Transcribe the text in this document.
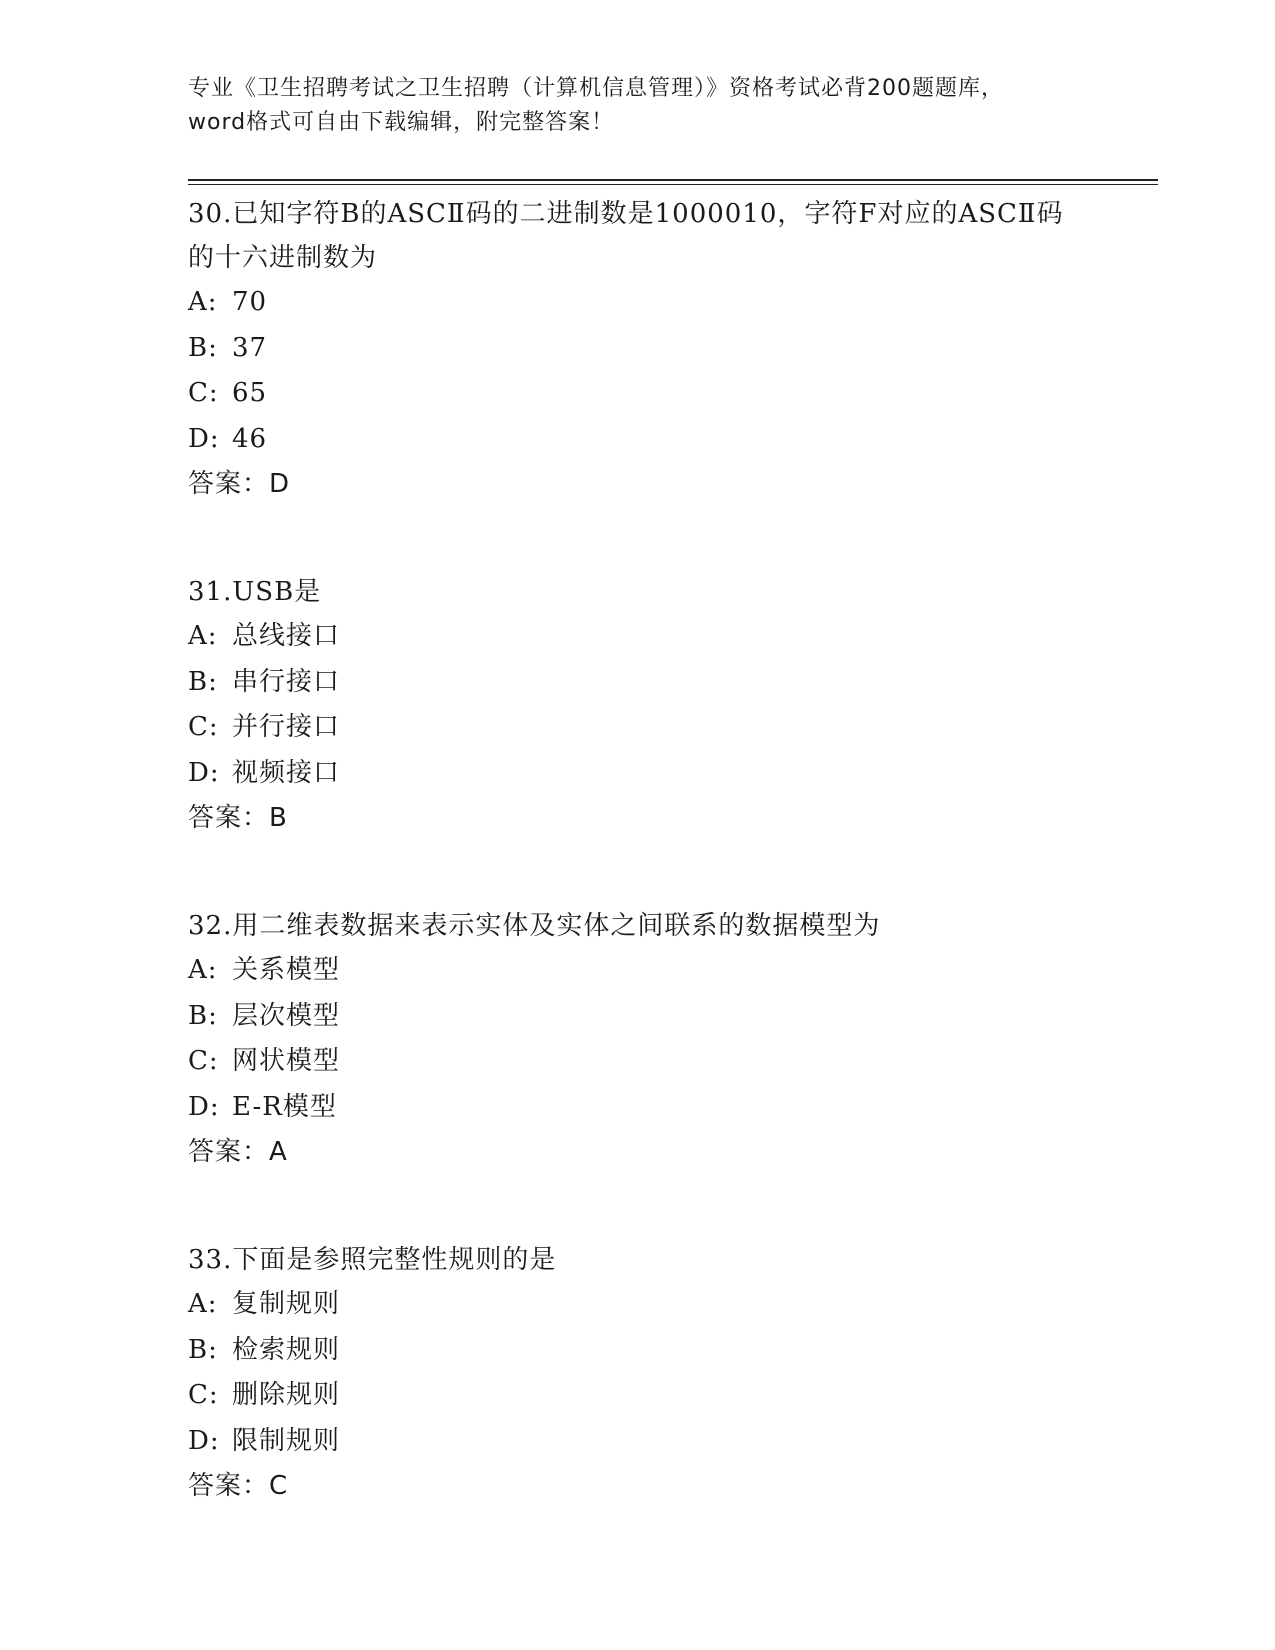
专业《卫生招聘考试之卫生招聘（计算机信息管理）》资格考试必背200题题库，
word格式可自由下载编辑，附完整答案！

30.已知字符B的ASCⅡ码的二进制数是1000010，字符F对应的ASCⅡ码的十六进制数为

A: 70

B: 37

C: 65

D: 46

答案：D

31.USB是

A: 总线接口

B: 串行接口

C: 并行接口

D: 视频接口

答案：B

32.用二维表数据来表示实体及实体之间联系的数据模型为

A: 关系模型

B: 层次模型

C: 网状模型

D: E-R模型

答案：A

33.下面是参照完整性规则的是

A: 复制规则

B: 检索规则

C: 删除规则

D: 限制规则

答案：C
